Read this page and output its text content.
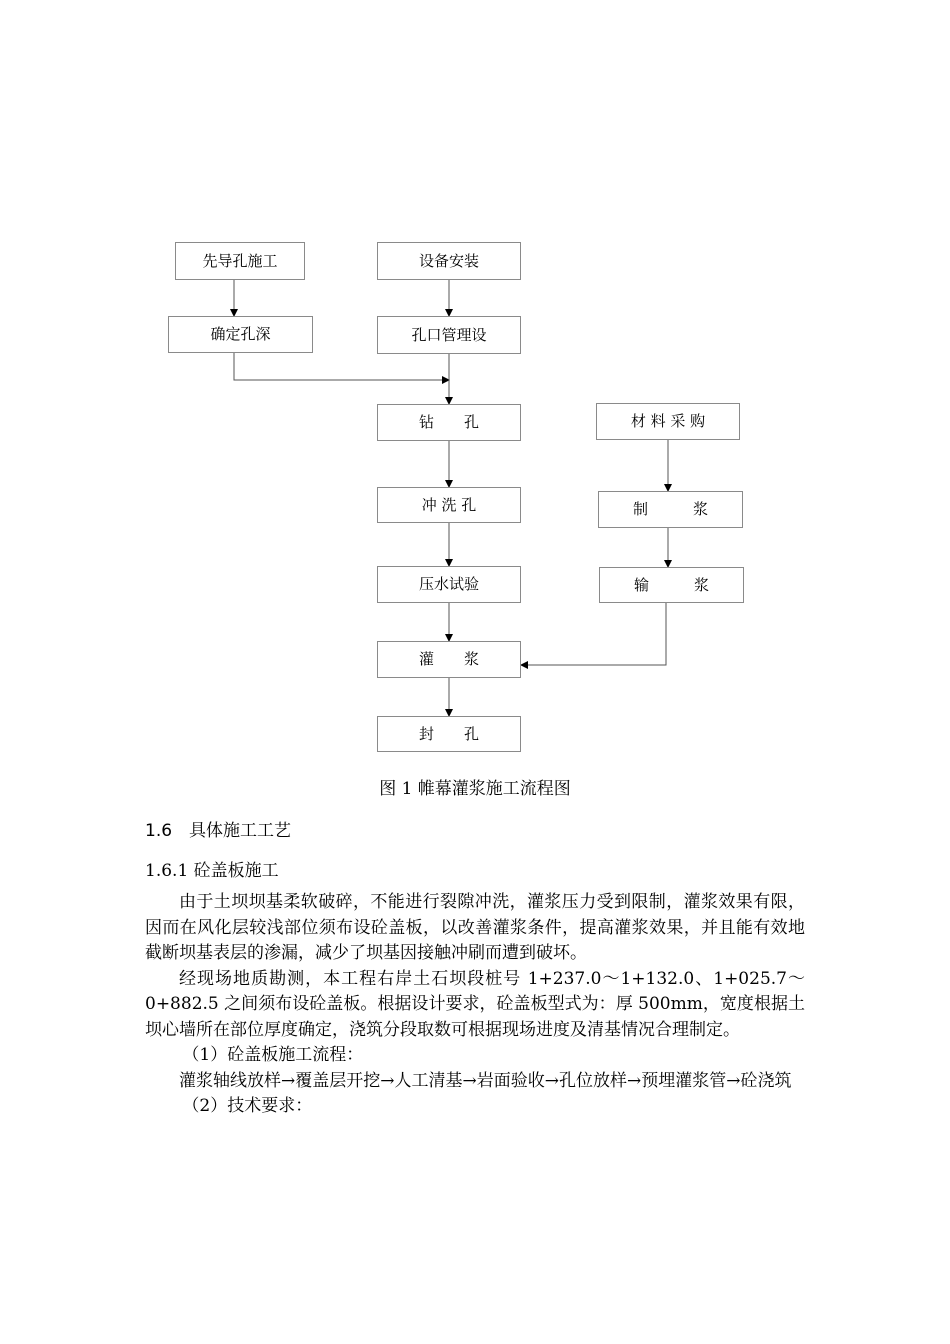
先导孔施工	设备安装
确定孔深	孔口管理设
钻　　孔	材 料 采 购
冲 洗 孔	制　　　浆
压水试验	输　　　浆
灌　　浆
封　　孔
图 1 帷幕灌浆施工流程图
1.6　 具体施工工艺
1.6.1 砼盖板施工

由于土坝坝基柔软破碎，不能进行裂隙冲洗，灌浆压力受到限制，灌浆效果有限，因而在风化层较浅部位须布设砼盖板，以改善灌浆条件，提高灌浆效果，并且能有效地截断坝基表层的渗漏，减少了坝基因接触冲刷而遭到破坏。

经现场地质勘测，本工程右岸土石坝段桩号 1+237.0～1+132.0、1+025.7～0+882.5 之间须布设砼盖板。根据设计要求，砼盖板型式为：厚 500mm，宽度根据土坝心墙所在部位厚度确定，浇筑分段取数可根据现场进度及清基情况合理制定。

（1）砼盖板施工流程：

灌浆轴线放样→覆盖层开挖→人工清基→岩面验收→孔位放样→预埋灌浆管→砼浇筑

（2）技术要求：
